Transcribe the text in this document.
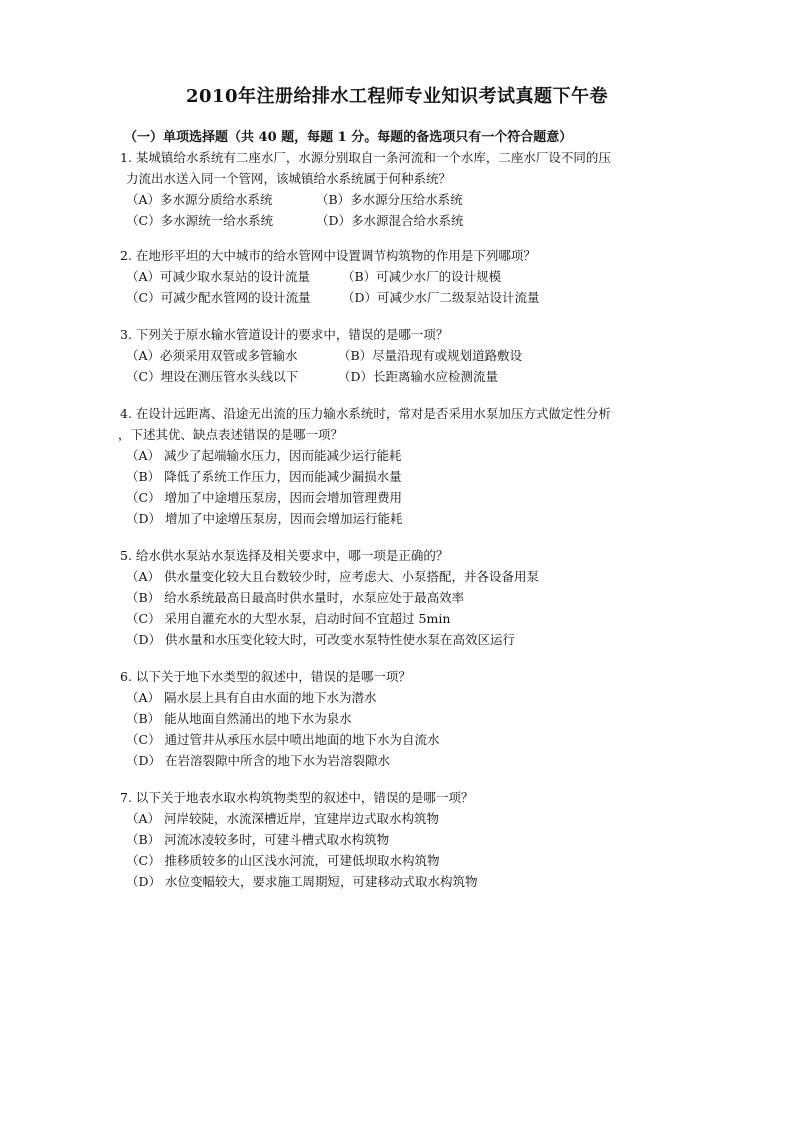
2010年注册给排水工程师专业知识考试真题下午卷
（一）单项选择题（共 40 题，每题 1 分。每题的备选项只有一个符合题意）
1. 某城镇给水系统有二座水厂，水源分别取自一条河流和一个水库，二座水厂设不同的压
力流出水送入同一个管网，该城镇给水系统属于何种系统？
（A）多水源分质给水系统	（B）多水源分压给水系统
（C）多水源统一给水系统	（D）多水源混合给水系统
2. 在地形平坦的大中城市的给水管网中设置调节构筑物的作用是下列哪项？
（A）可减少取水泵站的设计流量	（B）可减少水厂的设计规模
（C）可减少配水管网的设计流量	（D）可减少水厂二级泵站设计流量
3. 下列关于原水输水管道设计的要求中，错误的是哪一项？
（A）必须采用双管或多管输水	（B）尽量沿现有或规划道路敷设
（C）埋设在测压管水头线以下	（D）长距离输水应检测流量
4. 在设计远距离、沿途无出流的压力输水系统时，常对是否采用水泵加压方式做定性分析
，下述其优、缺点表述错误的是哪一项？
（A） 减少了起端输水压力，因而能减少运行能耗
（B） 降低了系统工作压力，因而能减少漏损水量
（C） 增加了中途增压泵房，因而会增加管理费用
（D） 增加了中途增压泵房，因而会增加运行能耗
5. 给水供水泵站水泵选择及相关要求中，哪一项是正确的？
（A） 供水量变化较大且台数较少时，应考虑大、小泵搭配，并各设备用泵
（B） 给水系统最高日最高时供水量时，水泵应处于最高效率
（C） 采用自灌充水的大型水泵，启动时间不宜超过 5min
（D） 供水量和水压变化较大时，可改变水泵特性使水泵在高效区运行
6. 以下关于地下水类型的叙述中，错误的是哪一项？
（A） 隔水层上具有自由水面的地下水为潜水
（B） 能从地面自然涌出的地下水为泉水
（C） 通过管井从承压水层中喷出地面的地下水为自流水
（D） 在岩溶裂隙中所含的地下水为岩溶裂隙水
7. 以下关于地表水取水构筑物类型的叙述中，错误的是哪一项？
（A） 河岸较陡，水流深槽近岸，宜建岸边式取水构筑物
（B） 河流冰凌较多时，可建斗槽式取水构筑物
（C） 推移质较多的山区浅水河流，可建低坝取水构筑物
（D） 水位变幅较大，要求施工周期短，可建移动式取水构筑物
